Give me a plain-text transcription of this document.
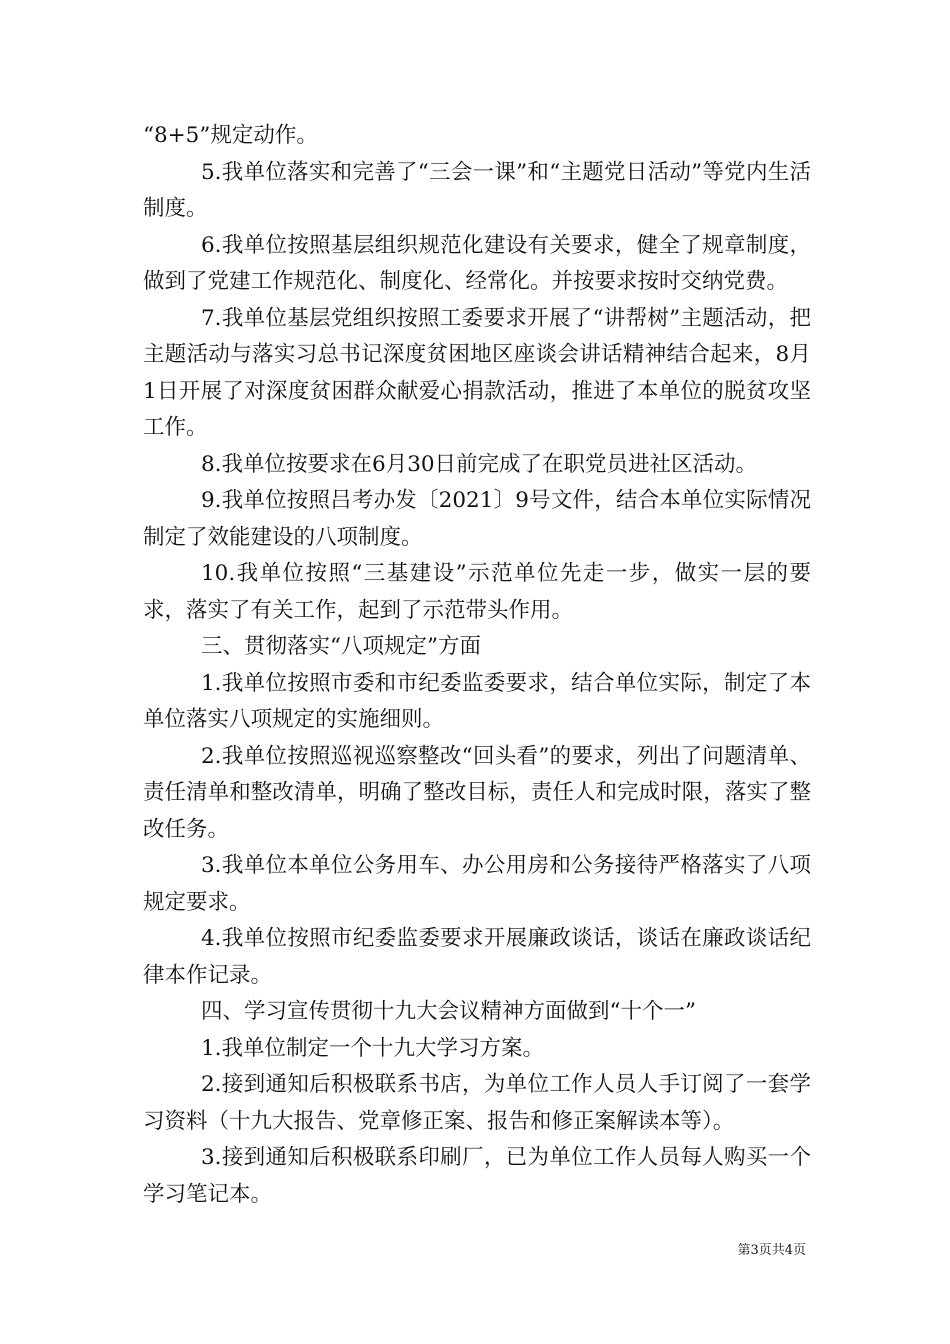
“8+5”规定动作。

5.我单位落实和完善了“三会一课”和“主题党日活动”等党内生活制度。

6.我单位按照基层组织规范化建设有关要求，健全了规章制度，做到了党建工作规范化、制度化、经常化。并按要求按时交纳党费。

7.我单位基层党组织按照工委要求开展了“讲帮树”主题活动，把主题活动与落实习总书记深度贫困地区座谈会讲话精神结合起来，8月1日开展了对深度贫困群众献爱心捐款活动，推进了本单位的脱贫攻坚工作。

8.我单位按要求在6月30日前完成了在职党员进社区活动。

9.我单位按照吕考办发〔2021〕9号文件，结合本单位实际情况制定了效能建设的八项制度。

10.我单位按照“三基建设”示范单位先走一步，做实一层的要求，落实了有关工作，起到了示范带头作用。

三、贯彻落实“八项规定”方面

1.我单位按照市委和市纪委监委要求，结合单位实际，制定了本单位落实八项规定的实施细则。

2.我单位按照巡视巡察整改“回头看”的要求，列出了问题清单、责任清单和整改清单，明确了整改目标，责任人和完成时限，落实了整改任务。

3.我单位本单位公务用车、办公用房和公务接待严格落实了八项规定要求。

4.我单位按照市纪委监委要求开展廉政谈话，谈话在廉政谈话纪律本作记录。

四、学习宣传贯彻十九大会议精神方面做到“十个一”

1.我单位制定一个十九大学习方案。

2.接到通知后积极联系书店，为单位工作人员人手订阅了一套学习资料（十九大报告、党章修正案、报告和修正案解读本等）。

3.接到通知后积极联系印刷厂，已为单位工作人员每人购买一个学习笔记本。

第3页共4页
